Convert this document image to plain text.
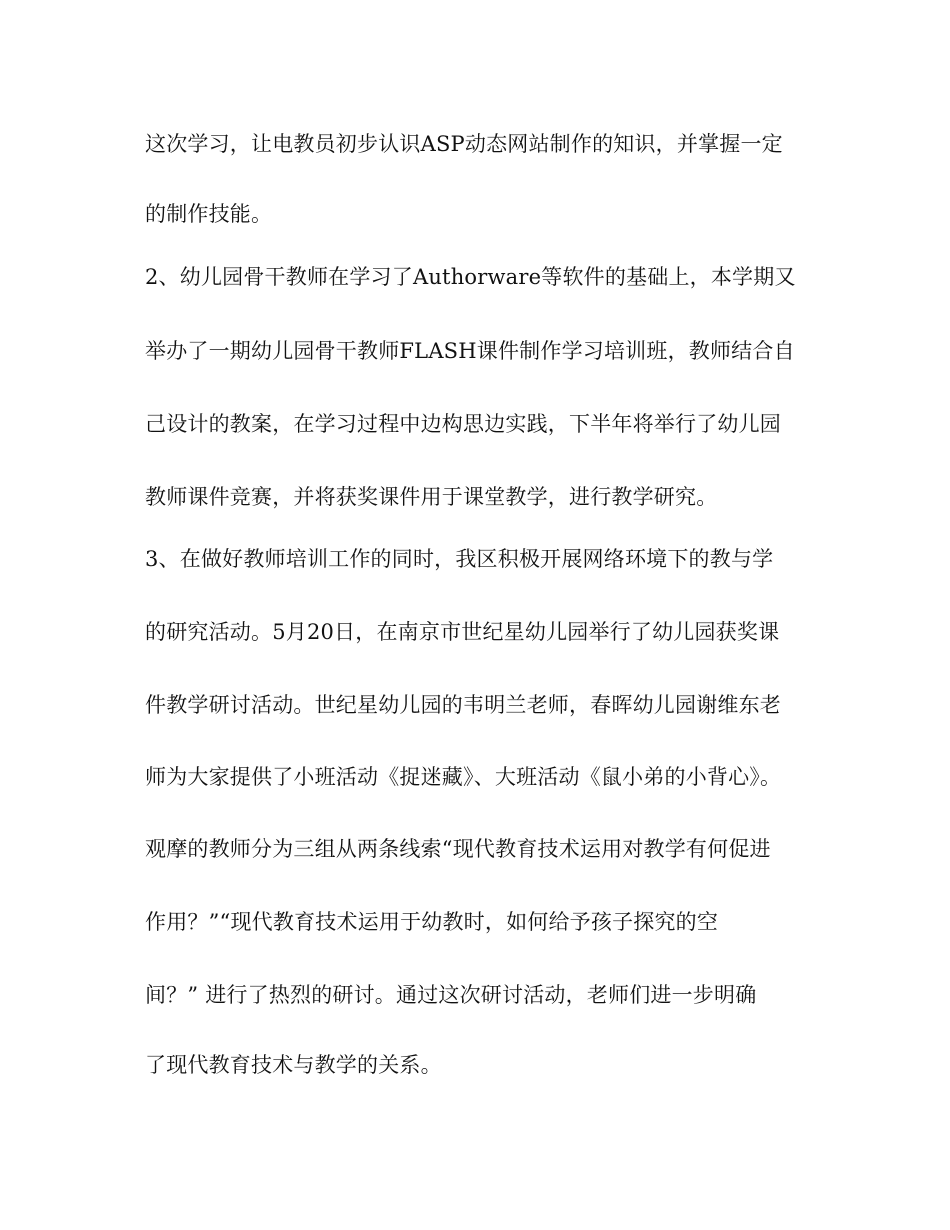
这次学习，让电教员初步认识ASP动态网站制作的知识，并掌握一定

的制作技能。

2、幼儿园骨干教师在学习了Authorware等软件的基础上，本学期又

举办了一期幼儿园骨干教师FLASH课件制作学习培训班，教师结合自

己设计的教案，在学习过程中边构思边实践，下半年将举行了幼儿园

教师课件竞赛，并将获奖课件用于课堂教学，进行教学研究。

3、在做好教师培训工作的同时，我区积极开展网络环境下的教与学

的研究活动。5月20日，在南京市世纪星幼儿园举行了幼儿园获奖课

件教学研讨活动。世纪星幼儿园的韦明兰老师，春晖幼儿园谢维东老

师为大家提供了小班活动《捉迷藏》、大班活动《鼠小弟的小背心》。

观摩的教师分为三组从两条线索“现代教育技术运用对教学有何促进

作用？”“现代教育技术运用于幼教时，如何给予孩子探究的空

间？” 进行了热烈的研讨。通过这次研讨活动，老师们进一步明确

了现代教育技术与教学的关系。
